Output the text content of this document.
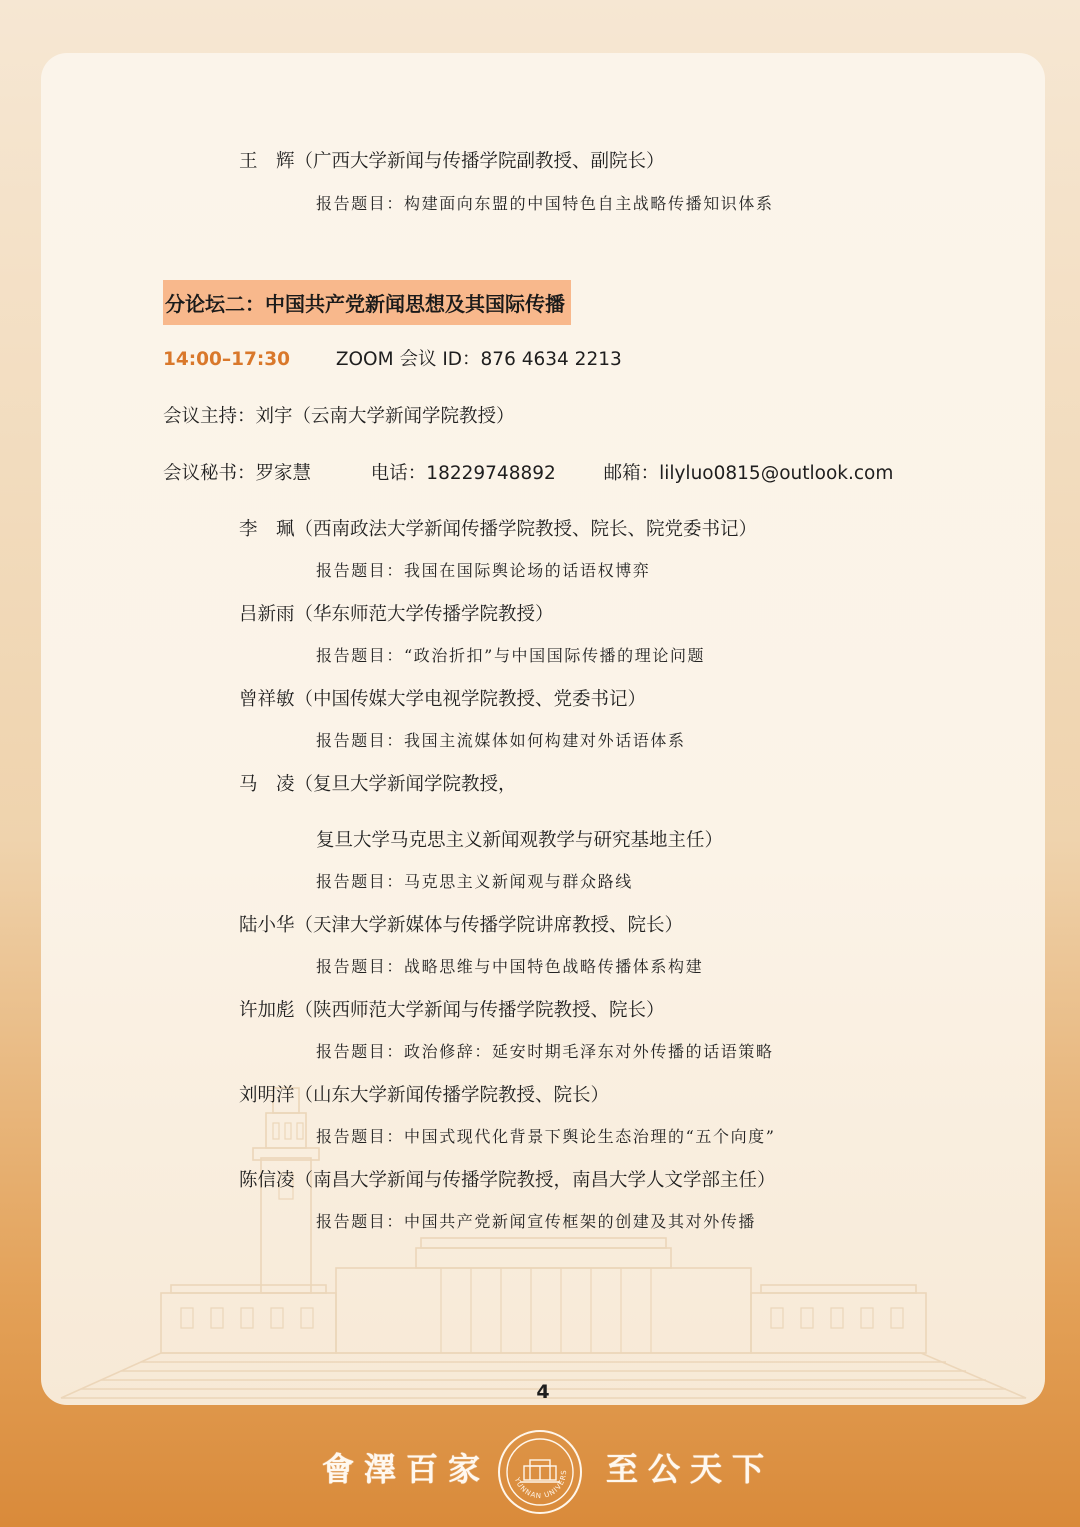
王　辉（广西大学新闻与传播学院副教授、副院长）
报告题目：构建面向东盟的中国特色自主战略传播知识体系
分论坛二：中国共产党新闻思想及其国际传播
14:00–17:30 ZOOM 会议 ID：876 4634 2213
会议主持：刘宇（云南大学新闻学院教授）
会议秘书：罗家慧	电话：18229748892	邮箱：lilyluo0815@outlook.com
李　珮（西南政法大学新闻传播学院教授、院长、院党委书记）
报告题目：我国在国际舆论场的话语权博弈
吕新雨（华东师范大学传播学院教授）
报告题目：“政治折扣”与中国国际传播的理论问题
曾祥敏（中国传媒大学电视学院教授、党委书记）
报告题目：我国主流媒体如何构建对外话语体系
马　凌（复旦大学新闻学院教授，
复旦大学马克思主义新闻观教学与研究基地主任）
报告题目：马克思主义新闻观与群众路线
陆小华（天津大学新媒体与传播学院讲席教授、院长）
报告题目：战略思维与中国特色战略传播体系构建
许加彪（陕西师范大学新闻与传播学院教授、院长）
报告题目：政治修辞：延安时期毛泽东对外传播的话语策略
刘明洋（山东大学新闻传播学院教授、院长）
报告题目：中国式现代化背景下舆论生态治理的“五个向度”
陈信凌（南昌大学新闻与传播学院教授，南昌大学人文学部主任）
报告题目：中国共产党新闻宣传框架的创建及其对外传播
4
會澤百家	YUNNAN UNIVERS 至公天下
